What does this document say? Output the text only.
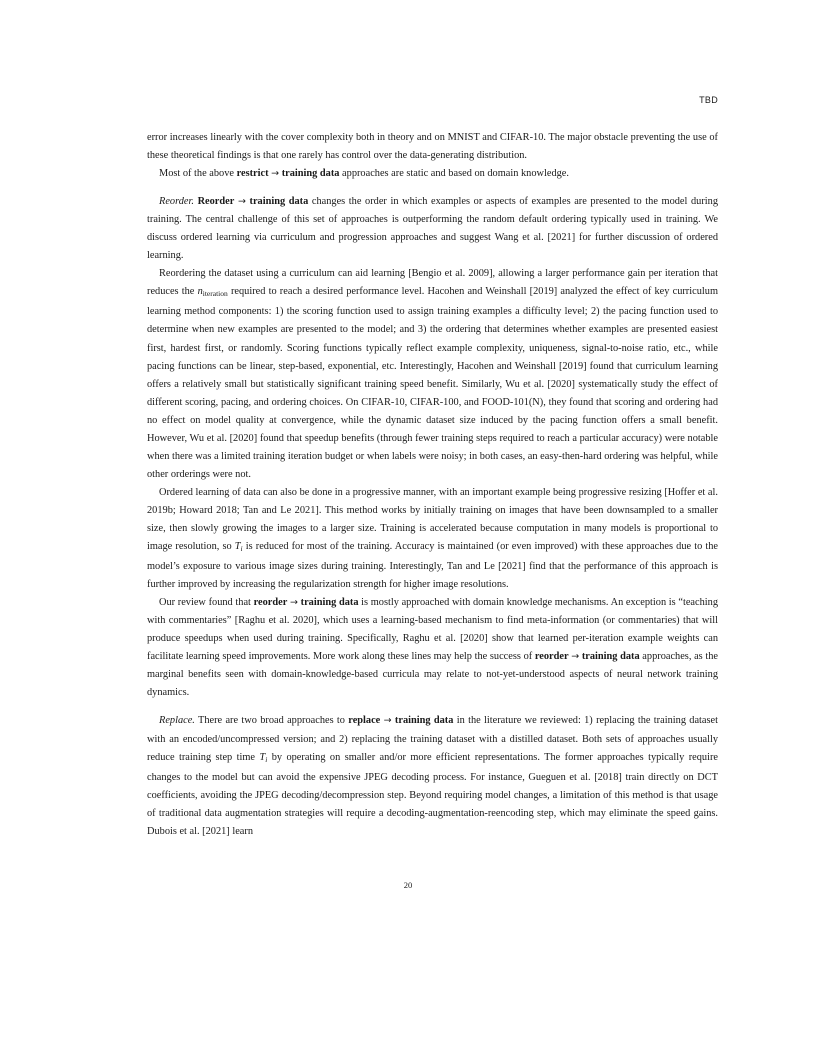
TBD

error increases linearly with the cover complexity both in theory and on MNIST and CIFAR-10. The major obstacle preventing the use of these theoretical findings is that one rarely has control over the data-generating distribution.

Most of the above restrict → training data approaches are static and based on domain knowledge.

Reorder. Reorder → training data changes the order in which examples or aspects of examples are presented to the model during training. The central challenge of this set of approaches is outperforming the random default ordering typically used in training. We discuss ordered learning via curriculum and progression approaches and suggest Wang et al. [2021] for further discussion of ordered learning.

Reordering the dataset using a curriculum can aid learning [Bengio et al. 2009], allowing a larger performance gain per iteration that reduces the $n_{iteration}$ required to reach a desired performance level. Hacohen and Weinshall [2019] analyzed the effect of key curriculum learning method components: 1) the scoring function used to assign training examples a difficulty level; 2) the pacing function used to determine when new examples are presented to the model; and 3) the ordering that determines whether examples are presented easiest first, hardest first, or randomly. Scoring functions typically reflect example complexity, uniqueness, signal-to-noise ratio, etc., while pacing functions can be linear, step-based, exponential, etc. Interestingly, Hacohen and Weinshall [2019] found that curriculum learning offers a relatively small but statistically significant training speed benefit. Similarly, Wu et al. [2020] systematically study the effect of different scoring, pacing, and ordering choices. On CIFAR-10, CIFAR-100, and FOOD-101(N), they found that scoring and ordering had no effect on model quality at convergence, while the dynamic dataset size induced by the pacing function offers a small benefit. However, Wu et al. [2020] found that speedup benefits (through fewer training steps required to reach a particular accuracy) were notable when there was a limited training iteration budget or when labels were noisy; in both cases, an easy-then-hard ordering was helpful, while other orderings were not.

Ordered learning of data can also be done in a progressive manner, with an important example being progressive resizing [Hoffer et al. 2019b; Howard 2018; Tan and Le 2021]. This method works by initially training on images that have been downsampled to a smaller size, then slowly growing the images to a larger size. Training is accelerated because computation in many models is proportional to image resolution, so $T_i$ is reduced for most of the training. Accuracy is maintained (or even improved) with these approaches due to the model’s exposure to various image sizes during training. Interestingly, Tan and Le [2021] find that the performance of this approach is further improved by increasing the regularization strength for higher image resolutions.

Our review found that reorder → training data is mostly approached with domain knowledge mechanisms. An exception is “teaching with commentaries” [Raghu et al. 2020], which uses a learning-based mechanism to find meta-information (or commentaries) that will produce speedups when used during training. Specifically, Raghu et al. [2020] show that learned per-iteration example weights can facilitate learning speed improvements. More work along these lines may help the success of reorder → training data approaches, as the marginal benefits seen with domain-knowledge-based curricula may relate to not-yet-understood aspects of neural network training dynamics.

Replace. There are two broad approaches to replace → training data in the literature we reviewed: 1) replacing the training dataset with an encoded/uncompressed version; and 2) replacing the training dataset with a distilled dataset. Both sets of approaches usually reduce training step time $T_i$ by operating on smaller and/or more efficient representations. The former approaches typically require changes to the model but can avoid the expensive JPEG decoding process. For instance, Gueguen et al. [2018] train directly on DCT coefficients, avoiding the JPEG decoding/decompression step. Beyond requiring model changes, a limitation of this method is that usage of traditional data augmentation strategies will require a decoding-augmentation-reencoding step, which may eliminate the speed gains. Dubois et al. [2021] learn

20
